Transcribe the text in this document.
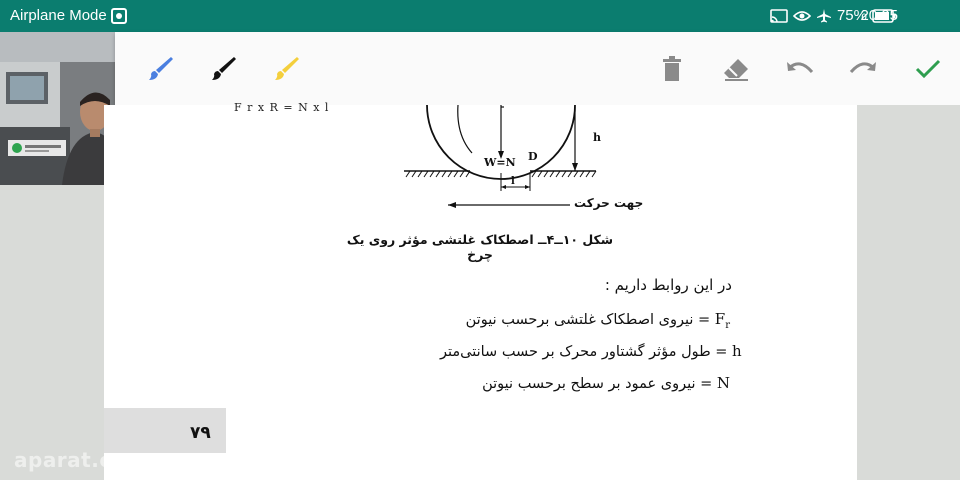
Airplane Mode	75%
20:05
F r x R = N x l
W=N D
h
l
جهت حرکت
شکل ۱۰ــ۴ــ اصطکاک غلتشی مؤثر روی یک چرخ
در این روابط داریم :
نیروی اصطکاک غلتشی برحسب نیوتن = $F_r$
طول مؤثر گشتاور محرک بر حسب سانتی‌متر = h
نیروی عمود بر سطح برحسب نیوتن = N
۷۹
aparat.com
